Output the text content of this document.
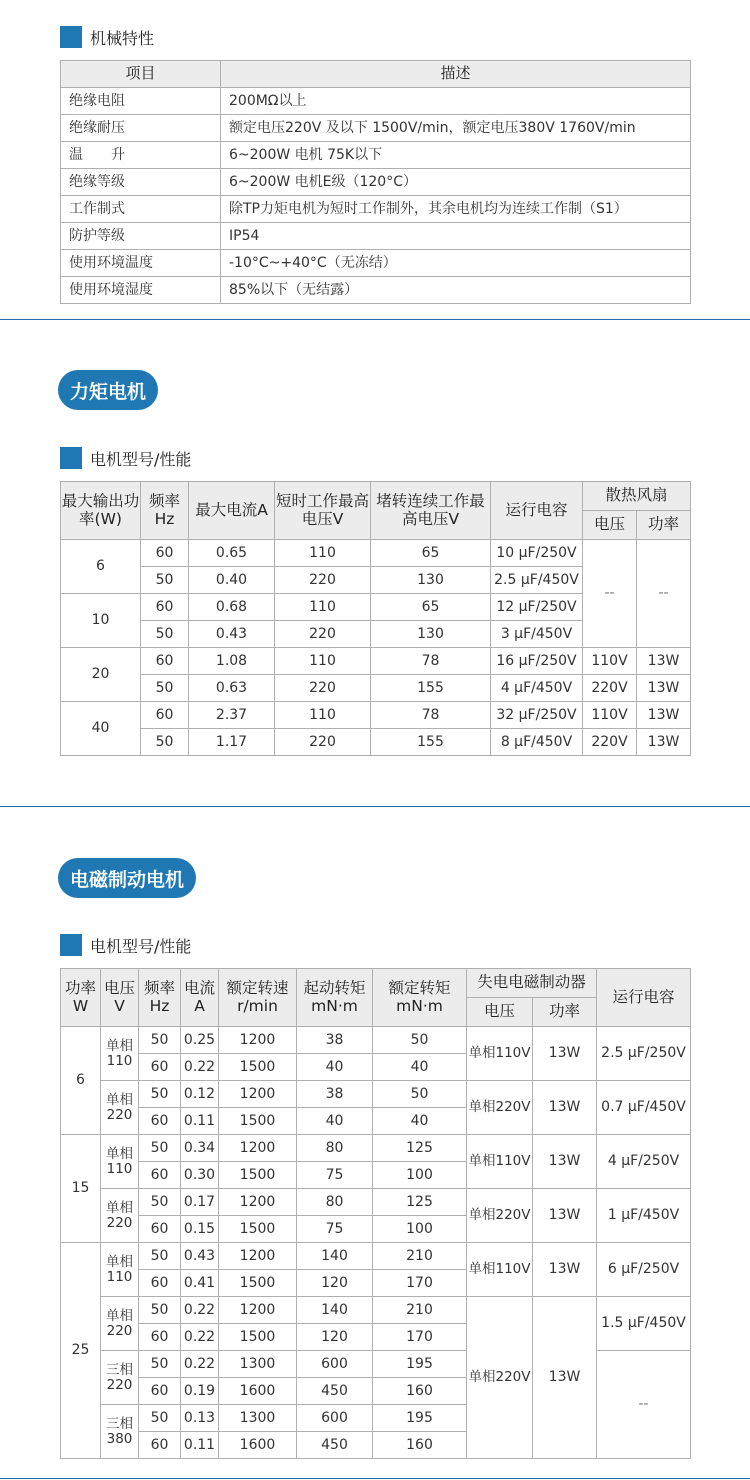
机械特性
项目	描述
绝缘电阻	200MΩ以上
绝缘耐压	额定电压220V 及以下 1500V/min，额定电压380V 1760V/min
温　　升	6~200W 电机 75K以下
绝缘等级	6~200W 电机E级（120°C）
工作制式	除TP力矩电机为短时工作制外，其余电机均为连续工作制（S1）
防护等级	IP54
使用环境温度	-10°C~+40°C（无冻结）
使用环境湿度	85%以下（无结露）
力矩电机
电机型号/性能
最大输出功率(W)	频率Hz	最大电流A	短时工作最高电压V	堵转连续工作最高电压V	运行电容	散热风扇	
						电压	功率
6	60	0.65	110	65	10 μF/250V	--	--
	50	0.40	220	130	2.5 μF/450V		
10	60	0.68	110	65	12 μF/250V		
	50	0.43	220	130	3 μF/450V		
20	60	1.08	110	78	16 μF/250V	110V	13W
	50	0.63	220	155	4 μF/450V	220V	13W
40	60	2.37	110	78	32 μF/250V	110V	13W
	50	1.17	220	155	8 μF/450V	220V	13W
电磁制动电机
电机型号/性能
功率W	电压V	频率Hz	电流A	额定转速r/min	起动转矩mN·m	额定转矩mN·m	失电电磁制动器		运行电容
							电压	功率	
6	单相110	50	0.25	1200	38	50	单相110V	13W	2.5 μF/250V
		60	0.22	1500	40	40			
	单相220	50	0.12	1200	38	50	单相220V	13W	0.7 μF/450V
		60	0.11	1500	40	40			
15	单相110	50	0.34	1200	80	125	单相110V	13W	4 μF/250V
		60	0.30	1500	75	100			
	单相220	50	0.17	1200	80	125	单相220V	13W	1 μF/450V
		60	0.15	1500	75	100			
25	单相110	50	0.43	1200	140	210	单相110V	13W	6 μF/250V
		60	0.41	1500	120	170			
	单相220	50	0.22	1200	140	210	单相220V	13W	1.5 μF/450V
		60	0.22	1500	120	170			
	三相220	50	0.22	1300	600	195			--
		60	0.19	1600	450	160			
	三相380	50	0.13	1300	600	195			
		60	0.11	1600	450	160			
